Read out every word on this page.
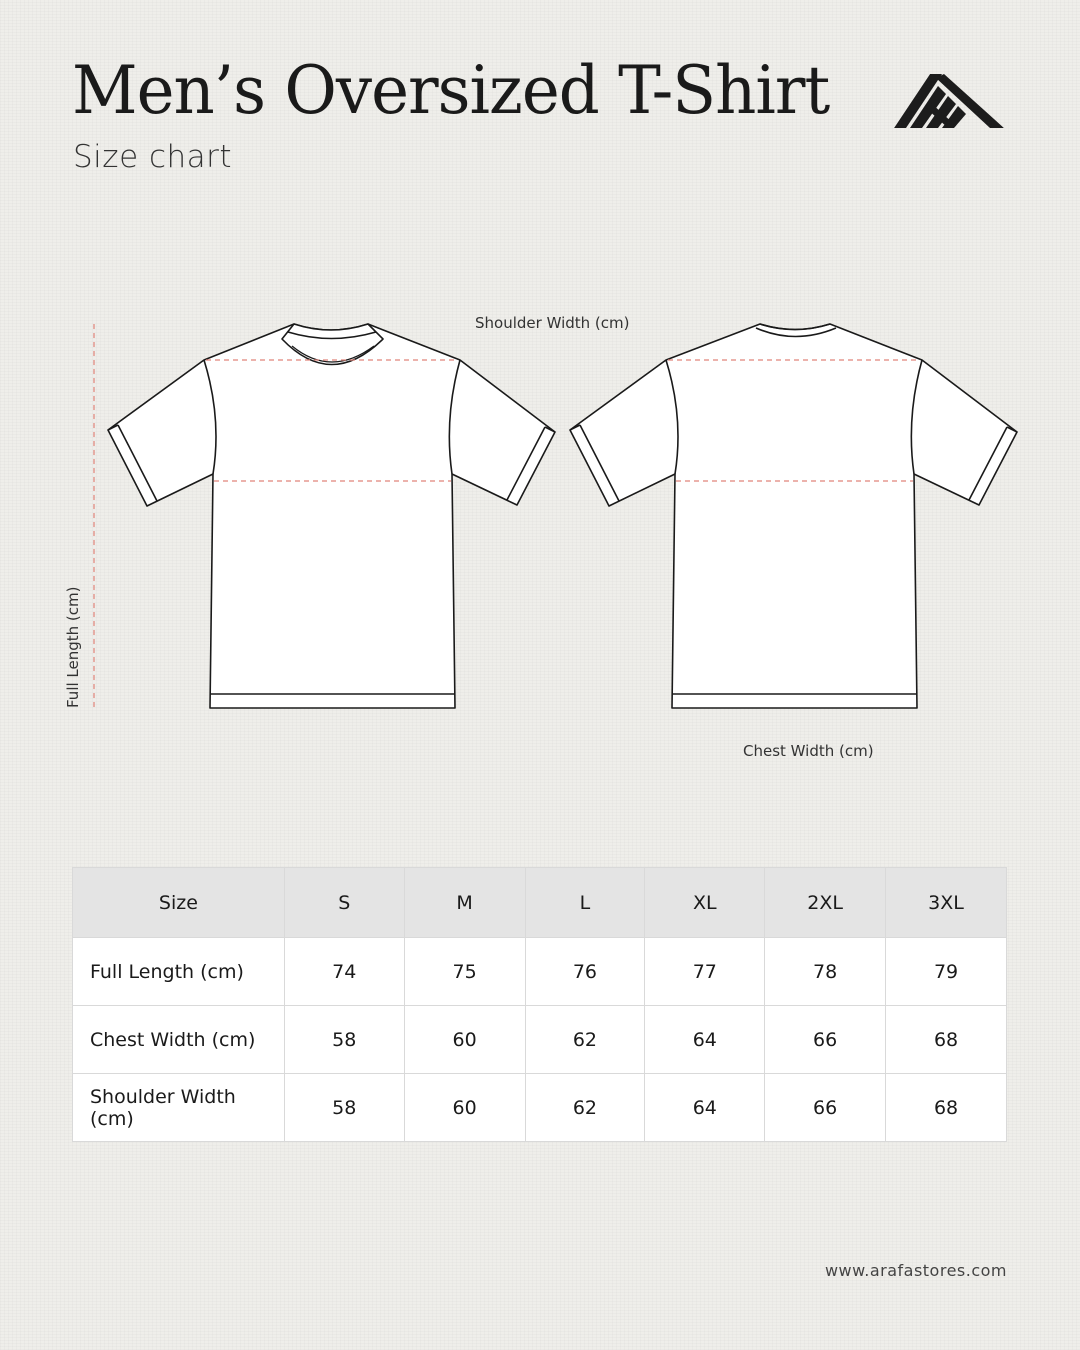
Men’s Oversized T-Shirt

Size chart

Shoulder Width (cm)
Chest Width (cm)
Full Length (cm)
Size	S	M	L	XL	2XL	3XL
Full Length (cm)	74	75	76	77	78	79
Chest Width (cm)	58	60	62	64	66	68
Shoulder Width (cm)	58	60	62	64	66	68
www.arafastores.com
